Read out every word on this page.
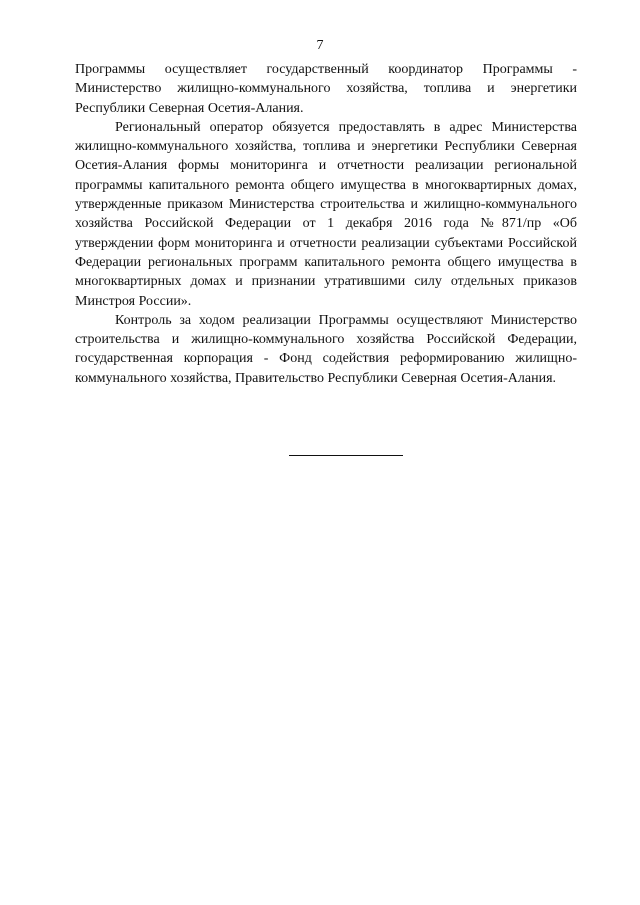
7

Программы осуществляет государственный координатор Программы - Министерство жилищно-коммунального хозяйства, топлива и энергетики Республики Северная Осетия-Алания.

Региональный оператор обязуется предоставлять в адрес Министерства жилищно-коммунального хозяйства, топлива и энергетики Республики Северная Осетия-Алания формы мониторинга и отчетности реализации региональной программы капитального ремонта общего имущества в многоквартирных домах, утвержденные приказом Министерства строительства и жилищно-коммунального хозяйства Российской Федерации от 1 декабря 2016 года №871/пр «Об утверждении форм мониторинга и отчетности реализации субъектами Российской Федерации региональных программ капитального ремонта общего имущества в многоквартирных домах и признании утратившими силу отдельных приказов Минстроя России».

Контроль за ходом реализации Программы осуществляют Министерство строительства и жилищно-коммунального хозяйства Российской Федерации, государственная корпорация - Фонд содействия реформированию жилищно-коммунального хозяйства, Правительство Республики Северная Осетия-Алания.
